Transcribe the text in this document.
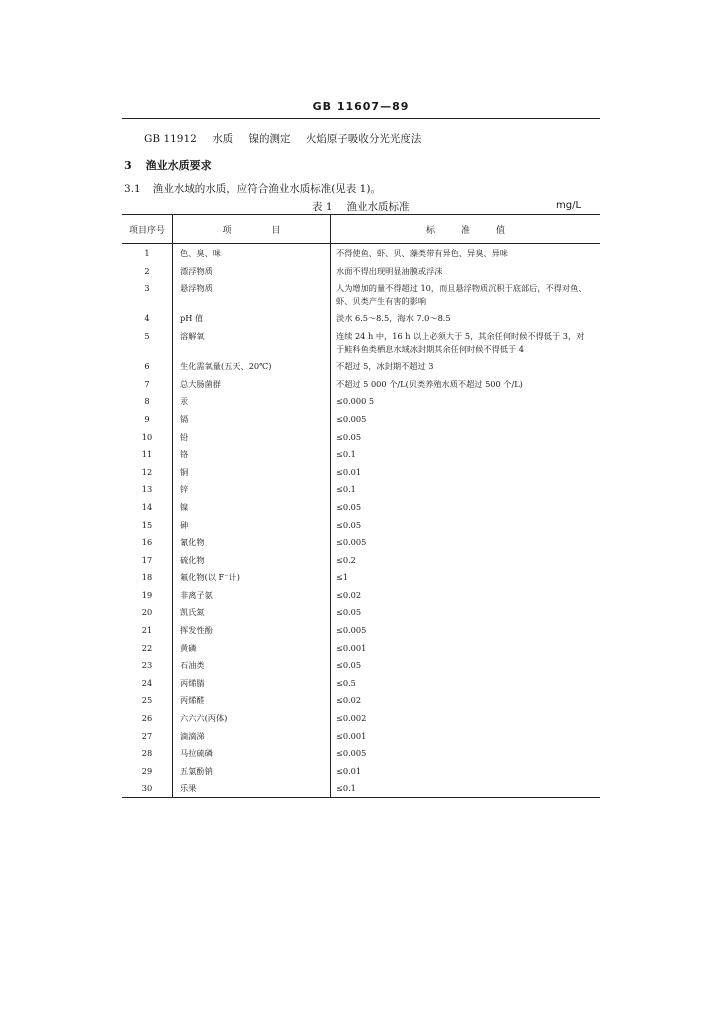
GB 11607—89
GB 11912 水质 镍的测定 火焰原子吸收分光光度法
3 渔业水质要求
3.1 渔业水域的水质，应符合渔业水质标准(见表 1)。
表 1 渔业水质标准	mg/L
项目序号	项目	标准值
1	色、臭、味	不得使鱼、虾、贝、藻类带有异色、异臭、异味
2	漂浮物质	水面不得出现明显油膜或浮沫
3	悬浮物质	人为增加的量不得超过 10，而且悬浮物质沉积于底部后，不得对鱼、虾、贝类产生有害的影响
4	pH 值	淡水 6.5～8.5，海水 7.0～8.5
5	溶解氧	连续 24 h 中，16 h 以上必须大于 5，其余任何时候不得低于 3，对于鲑科鱼类栖息水域冰封期其余任何时候不得低于 4
6	生化需氧量(五天、20℃)	不超过 5，冰封期不超过 3
7	总大肠菌群	不超过 5 000 个/L(贝类养殖水质不超过 500 个/L)
8	汞	≤0.000 5
9	镉	≤0.005
10	铅	≤0.05
11	铬	≤0.1
12	铜	≤0.01
13	锌	≤0.1
14	镍	≤0.05
15	砷	≤0.05
16	氰化物	≤0.005
17	硫化物	≤0.2
18	氟化物(以 F⁻计)	≤1
19	非离子氨	≤0.02
20	凯氏氮	≤0.05
21	挥发性酚	≤0.005
22	黄磷	≤0.001
23	石油类	≤0.05
24	丙烯腈	≤0.5
25	丙烯醛	≤0.02
26	六六六(丙体)	≤0.002
27	滴滴涕	≤0.001
28	马拉硫磷	≤0.005
29	五氯酚钠	≤0.01
30	乐果	≤0.1
